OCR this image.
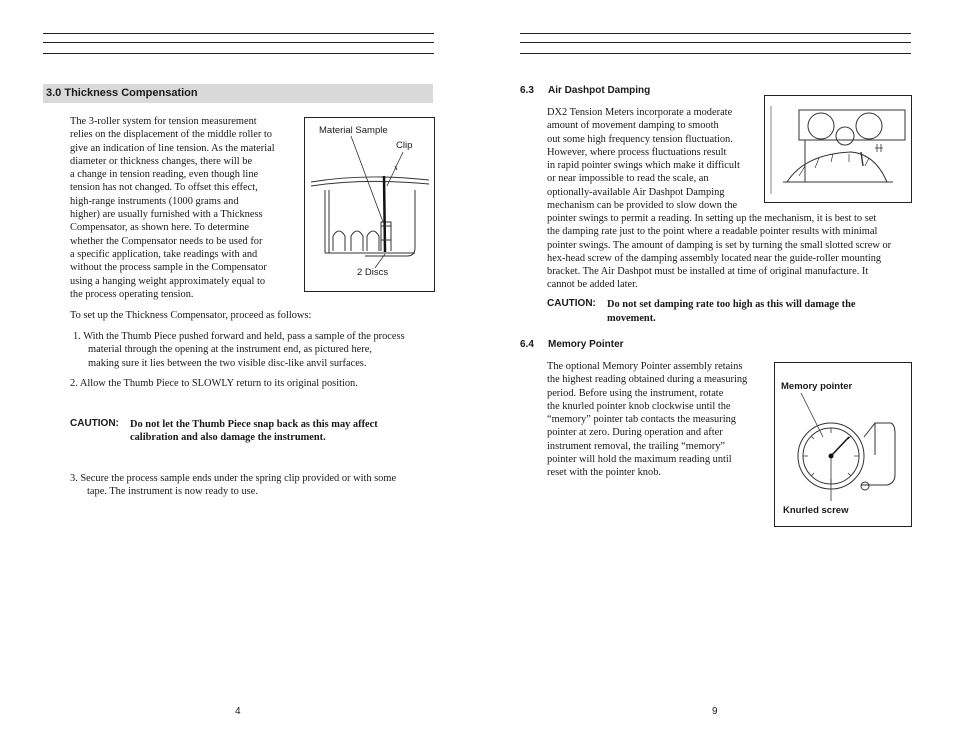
3.0 Thickness Compensation
The 3-roller system for tension measurement
relies on the displacement of the middle roller to
give an indication of line tension. As the material
diameter or thickness changes, there will be
a change in tension reading, even though line
tension has not changed. To offset this effect,
high-range instruments (1000 grams and
higher) are usually furnished with a Thickness
Compensator, as shown here. To determine
whether the Compensator needs to be used for
a specific application, take readings with and
without the process sample in the Compensator
using a hanging weight approximately equal to
the process operating tension.
Material Sample
Clip
2 Discs
To set up the Thickness Compensator, proceed as follows:
1. With the Thumb Piece pushed forward and held, pass a sample of the process
material through the opening at the instrument end, as pictured here,
making sure it lies between the two visible disc-like anvil surfaces.
2. Allow the Thumb Piece to SLOWLY return to its original position.
CAUTION: Do not let the Thumb Piece snap back as this may affect
calibration and also damage the instrument.
3. Secure the process sample ends under the spring clip provided or with some
tape. The instrument is now ready to use.
4
6.3 Air Dashpot Damping
DX2 Tension Meters incorporate a moderate
amount of movement damping to smooth
out some high frequency tension fluctuation.
However, where process fluctuations result
in rapid pointer swings which make it difficult
or near impossible to read the scale, an
optionally-available Air Dashpot Damping
mechanism can be provided to slow down the
pointer swings to permit a reading. In setting up the mechanism, it is best to set
the damping rate just to the point where a readable pointer results with minimal
pointer swings. The amount of damping is set by turning the small slotted screw or
hex-head screw of the damping assembly located near the guide-roller mounting
bracket. The Air Dashpot must be installed at time of original manufacture. It
cannot be added later.
CAUTION: Do not set damping rate too high as this will damage the
movement.
6.4 Memory Pointer
The optional Memory Pointer assembly retains
the highest reading obtained during a measuring
period. Before using the instrument, rotate
the knurled pointer knob clockwise until the
“memory” pointer tab contacts the measuring
pointer at zero. During operation and after
instrument removal, the trailing “memory”
pointer will hold the maximum reading until
reset with the pointer knob.
Memory pointer
Knurled screw
9
